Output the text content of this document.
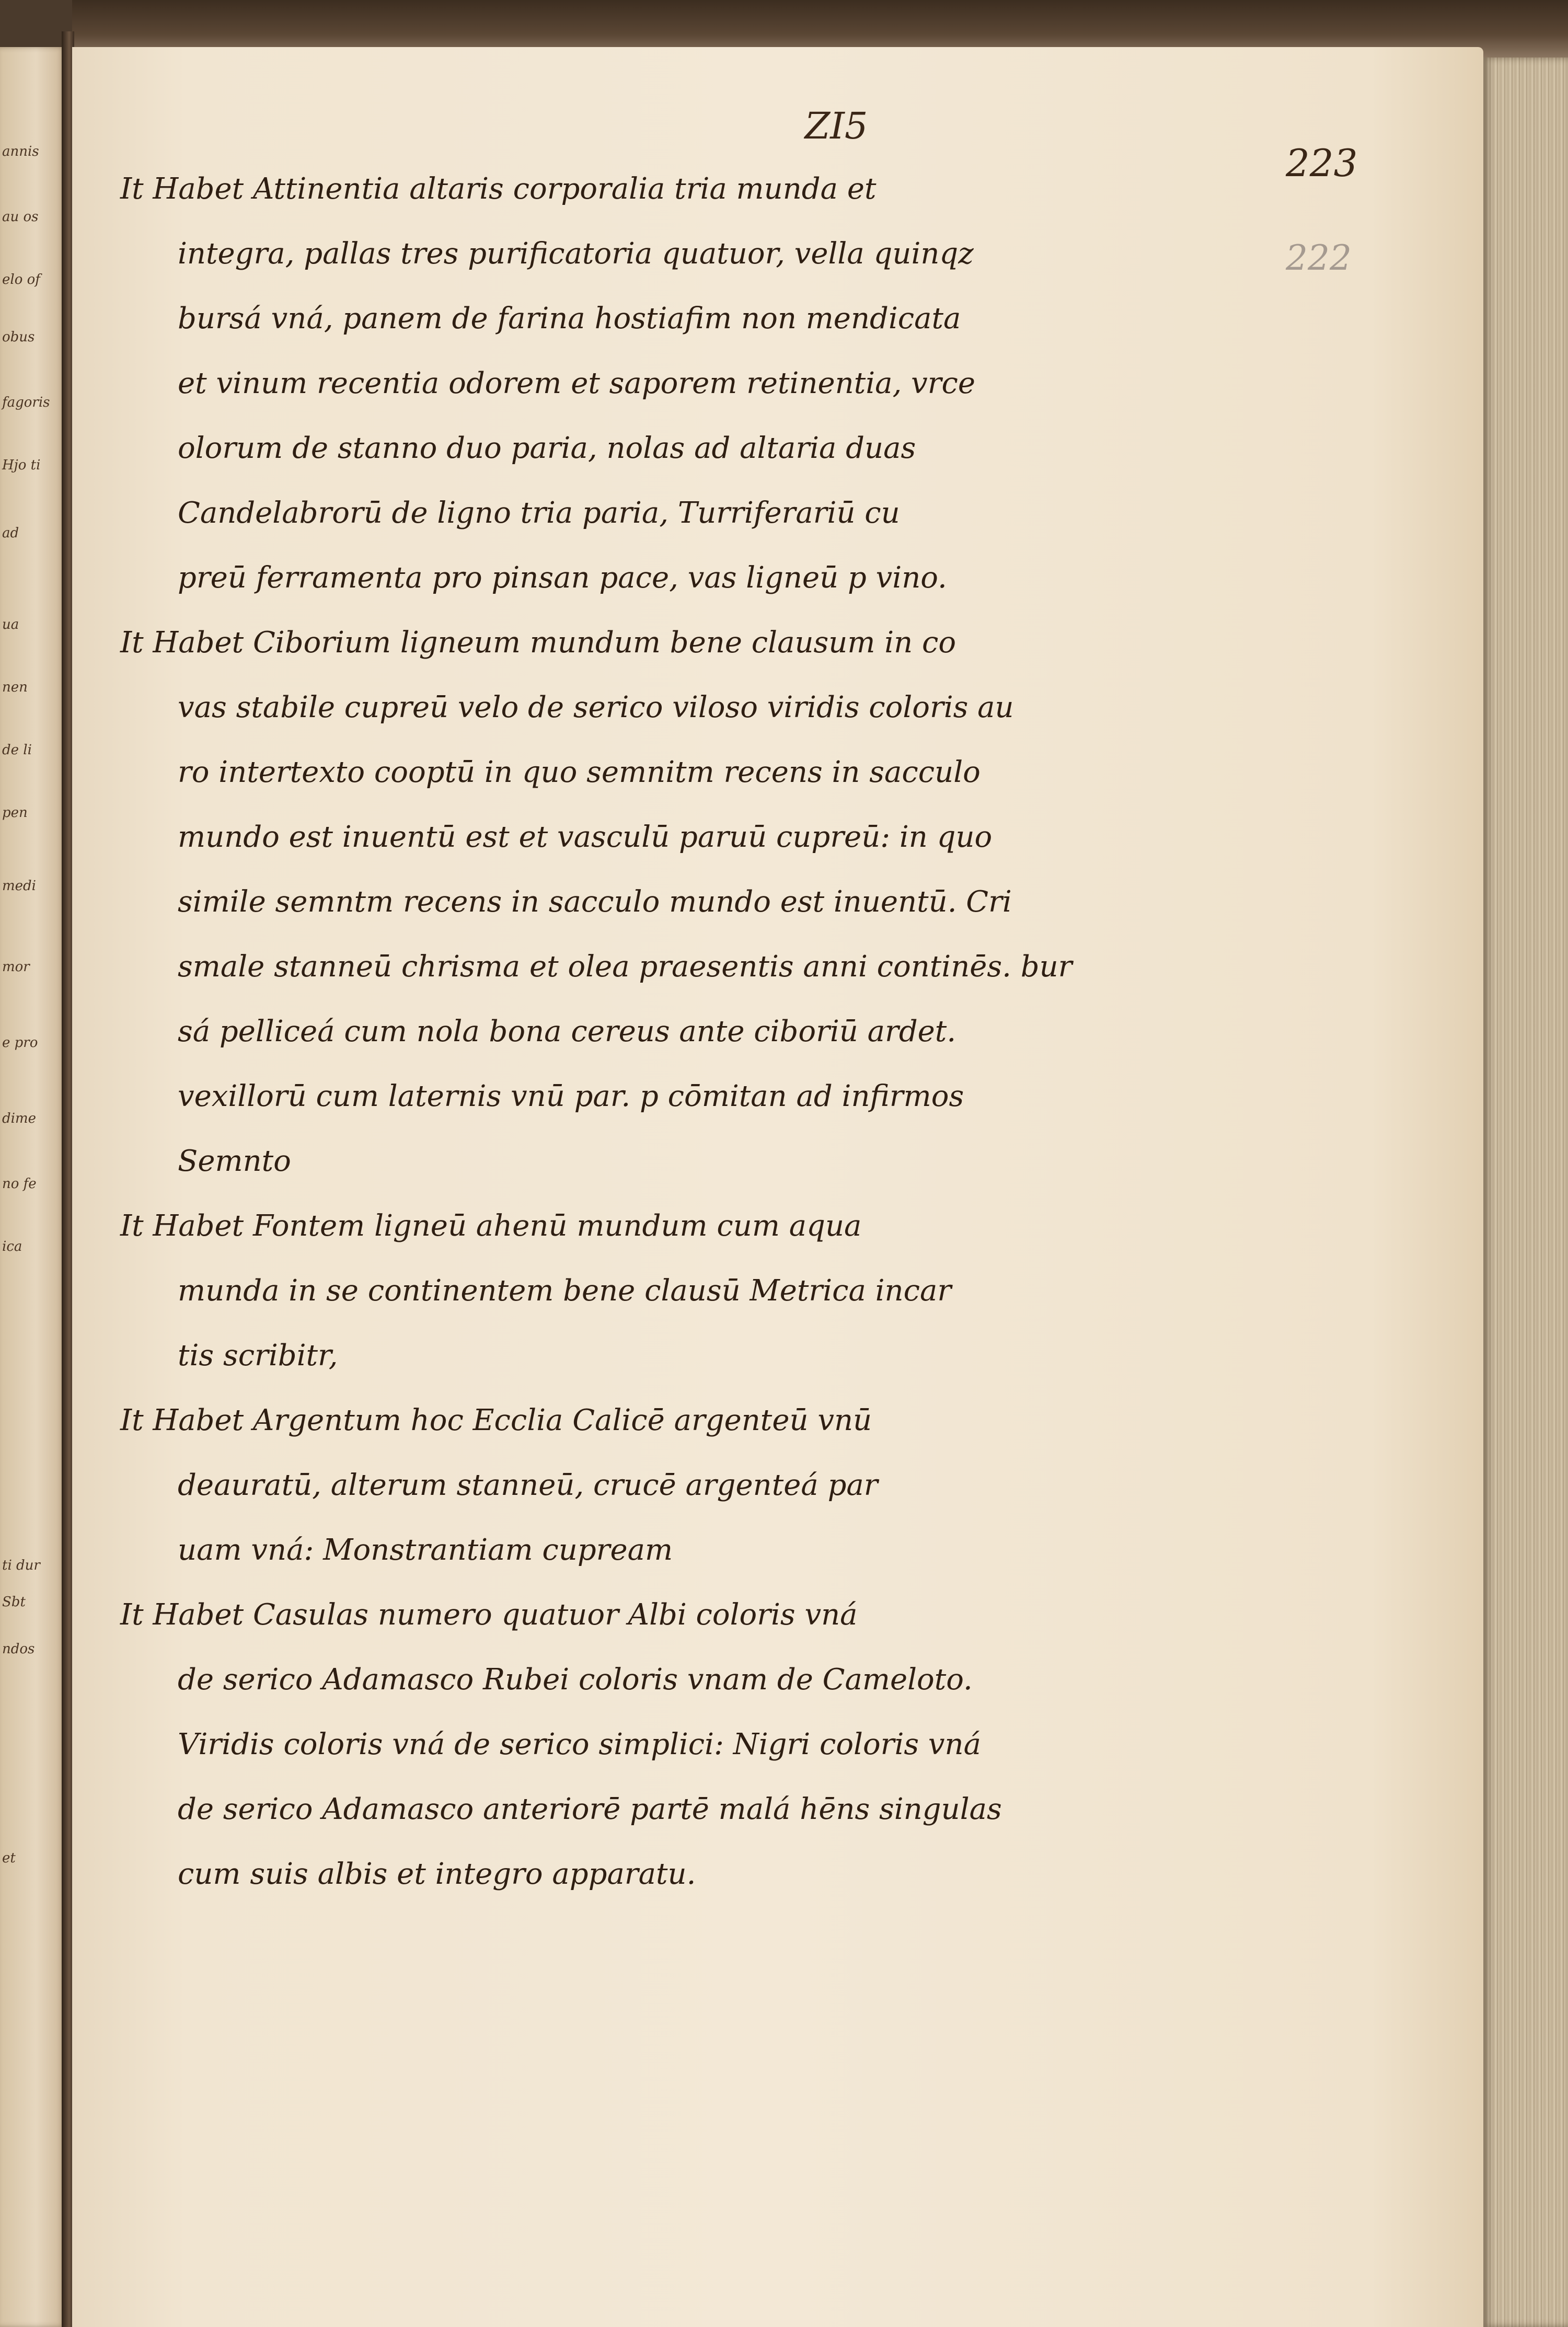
annis
au os
elo of
obus
fagoris
Hjo ti
ad
ua
nen
de li
pen
medi
mor
e pro
dime
no fe
ica
ti dur
Sbt
ndos
et
ZI5
223
222
It Habet Attinentia altaris corporalia tria munda et
integra, pallas tres purificatoria quatuor, vella quinqz
bursá vná, panem de farina hostiafim non mendicata
et vinum recentia odorem et saporem retinentia, vrce
olorum de stanno duo paria, nolas ad altaria duas
Candelabrorū de ligno tria paria, Turriferariū cu
preū ferramenta pro pinsan pace, vas ligneū p vino.
It Habet Ciborium ligneum mundum bene clausum in co
vas stabile cupreū velo de serico viloso viridis coloris au
ro intertexto cooptū in quo semnitm recens in sacculo
mundo est inuentū est et vasculū paruū cupreū: in quo
simile semntm recens in sacculo mundo est inuentū. Cri
smale stanneū chrisma et olea praesentis anni continēs. bur
sá pelliceá cum nola bona cereus ante ciboriū ardet.
vexillorū cum laternis vnū par. p cōmitan ad infirmos
Semnto
It Habet Fontem ligneū ahenū mundum cum aqua
munda in se continentem bene clausū Metrica incar
tis scribitr,
It Habet Argentum hoc Ecclia Calicē argenteū vnū
deauratū, alterum stanneū, crucē argenteá par
uam vná: Monstrantiam cupream
It Habet Casulas numero quatuor Albi coloris vná
de serico Adamasco Rubei coloris vnam de Cameloto.
Viridis coloris vná de serico simplici: Nigri coloris vná
de serico Adamasco anteriorē partē malá hēns singulas
cum suis albis et integro apparatu.
